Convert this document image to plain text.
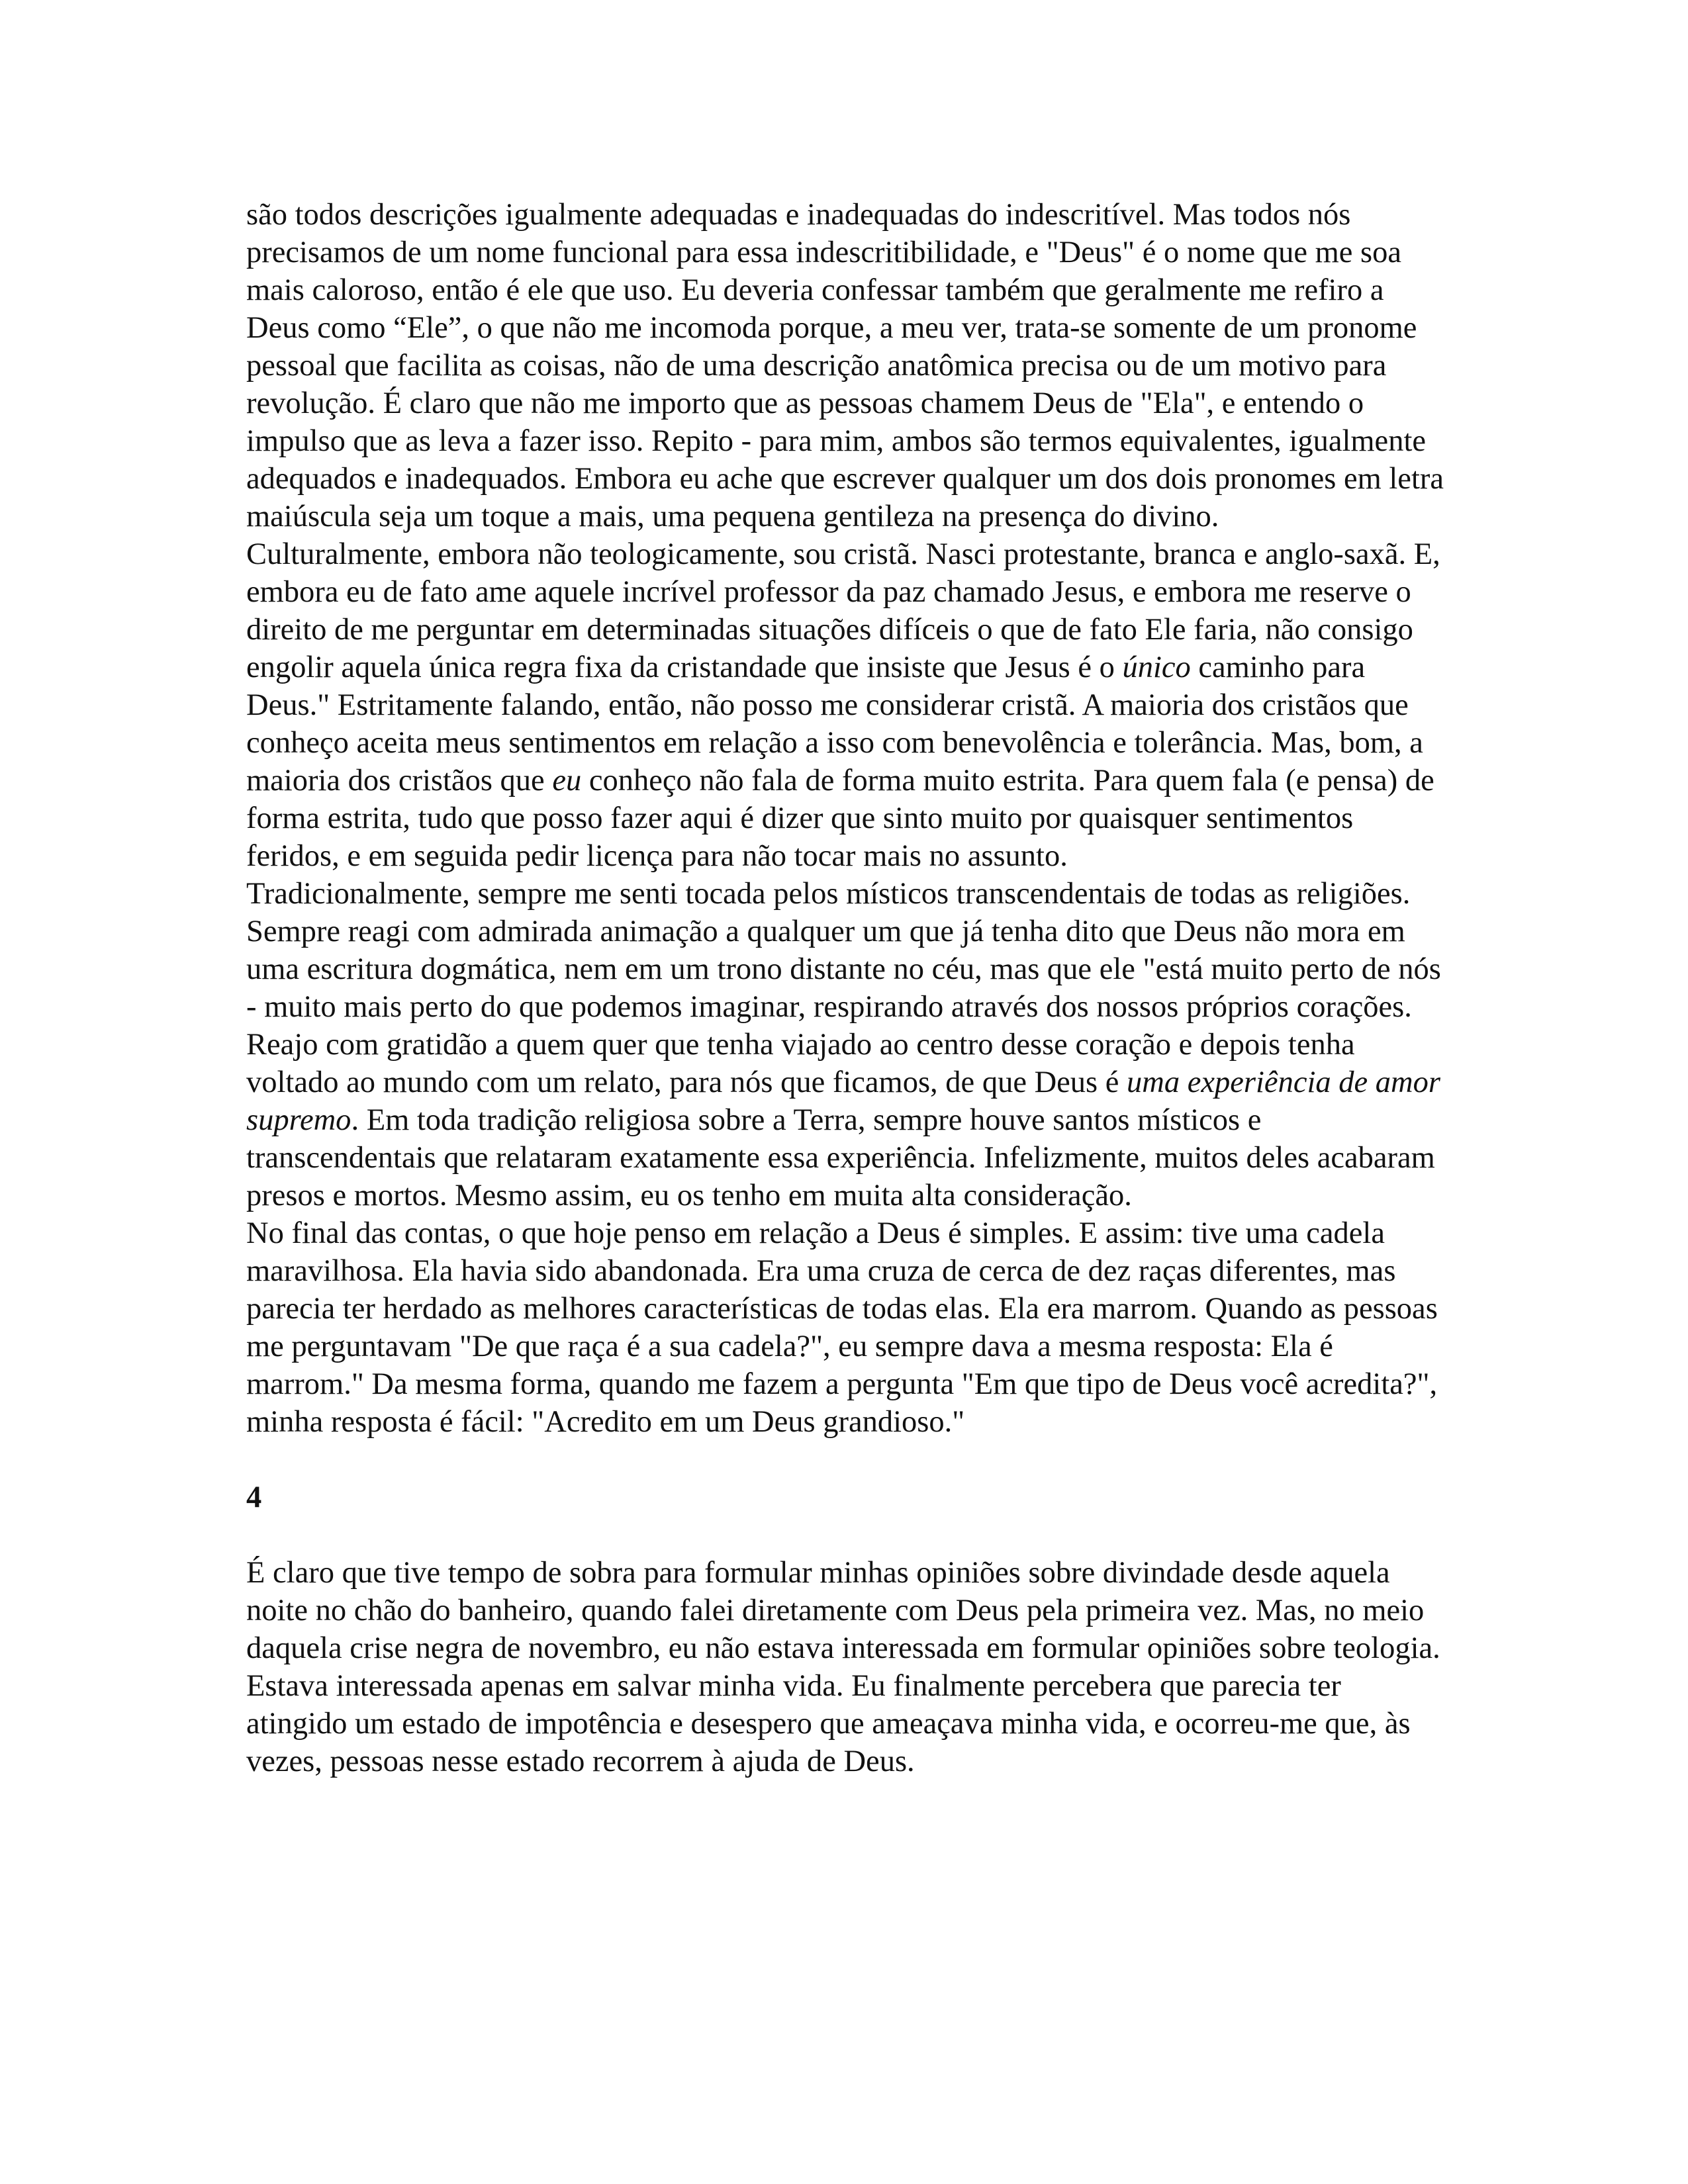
são todos descrições igualmente adequadas e inadequadas do indescritível. Mas todos nós precisamos de um nome funcional para essa indescritibilidade, e "Deus" é o nome que me soa mais caloroso, então é ele que uso. Eu deveria confessar também que geralmente me refiro a Deus como “Ele”, o que não me incomoda porque, a meu ver, trata-se somente de um pronome pessoal que facilita as coisas, não de uma descrição anatômica precisa ou de um motivo para revolução. É claro que não me importo que as pessoas chamem Deus de "Ela", e entendo o impulso que as leva a fazer isso. Repito - para mim, ambos são termos equivalentes, igualmente adequados e inadequados. Embora eu ache que escrever qualquer um dos dois pronomes em letra maiúscula seja um toque a mais, uma pequena gentileza na presença do divino.

Culturalmente, embora não teologicamente, sou cristã. Nasci protestante, branca e anglo-saxã. E, embora eu de fato ame aquele incrível professor da paz chamado Jesus, e embora me reserve o direito de me perguntar em determinadas situações difíceis o que de fato Ele faria, não consigo engolir aquela única regra fixa da cristandade que insiste que Jesus é o único caminho para Deus." Estritamente falando, então, não posso me considerar cristã. A maioria dos cristãos que conheço aceita meus sentimentos em relação a isso com benevolência e tolerância. Mas, bom, a maioria dos cristãos que eu conheço não fala de forma muito estrita. Para quem fala (e pensa) de forma estrita, tudo que posso fazer aqui é dizer que sinto muito por quaisquer sentimentos feridos, e em seguida pedir licença para não tocar mais no assunto.

Tradicionalmente, sempre me senti tocada pelos místicos transcendentais de todas as religiões. Sempre reagi com admirada animação a qualquer um que já tenha dito que Deus não mora em uma escritura dogmática, nem em um trono distante no céu, mas que ele "está muito perto de nós - muito mais perto do que podemos imaginar, respirando através dos nossos próprios corações. Reajo com gratidão a quem quer que tenha viajado ao centro desse coração e depois tenha voltado ao mundo com um relato, para nós que ficamos, de que Deus é uma experiência de amor supremo. Em toda tradição religiosa sobre a Terra, sempre houve santos místicos e transcendentais que relataram exatamente essa experiência. Infelizmente, muitos deles acabaram presos e mortos. Mesmo assim, eu os tenho em muita alta consideração.

No final das contas, o que hoje penso em relação a Deus é simples. E assim: tive uma cadela maravilhosa. Ela havia sido abandonada. Era uma cruza de cerca de dez raças diferentes, mas parecia ter herdado as melhores características de todas elas. Ela era marrom. Quando as pessoas me perguntavam "De que raça é a sua cadela?", eu sempre dava a mesma resposta: Ela é marrom." Da mesma forma, quando me fazem a pergunta "Em que tipo de Deus você acredita?", minha resposta é fácil: "Acredito em um Deus grandioso."

4

É claro que tive tempo de sobra para formular minhas opiniões sobre divindade desde aquela noite no chão do banheiro, quando falei diretamente com Deus pela primeira vez. Mas, no meio daquela crise negra de novembro, eu não estava interessada em formular opiniões sobre teologia. Estava interessada apenas em salvar minha vida. Eu finalmente percebera que parecia ter atingido um estado de impotência e desespero que ameaçava minha vida, e ocorreu-me que, às vezes, pessoas nesse estado recorrem à ajuda de Deus.
